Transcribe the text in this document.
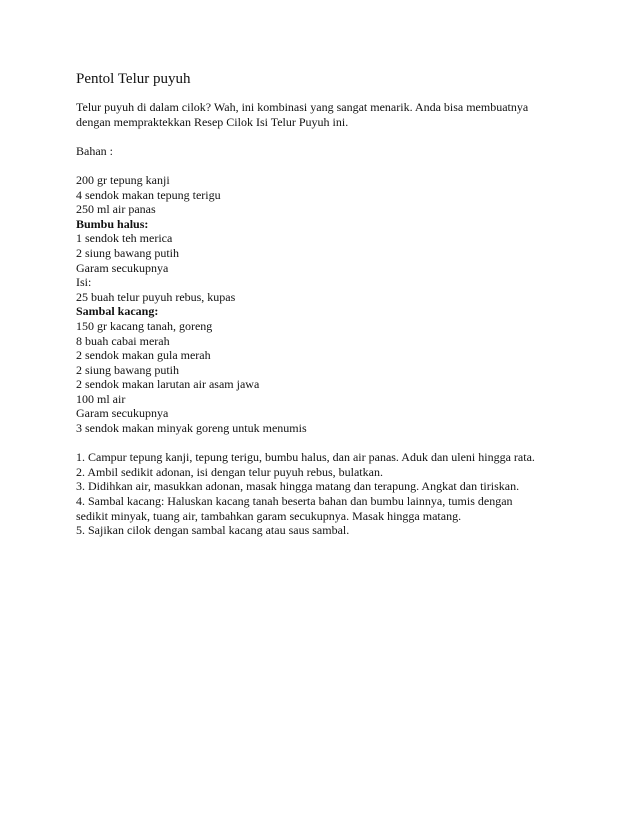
Pentol Telur puyuh
Telur puyuh di dalam cilok? Wah, ini kombinasi yang sangat menarik. Anda bisa membuatnya
dengan mempraktekkan Resep Cilok Isi Telur Puyuh ini.
Bahan :
200 gr tepung kanji
4 sendok makan tepung terigu
250 ml air panas
Bumbu halus:
1 sendok teh merica
2 siung bawang putih
Garam secukupnya
Isi:
25 buah telur puyuh rebus, kupas
Sambal kacang:
150 gr kacang tanah, goreng
8 buah cabai merah
2 sendok makan gula merah
2 siung bawang putih
2 sendok makan larutan air asam jawa
100 ml air
Garam secukupnya
3 sendok makan minyak goreng untuk menumis
1. Campur tepung kanji, tepung terigu, bumbu halus, dan air panas. Aduk dan uleni hingga rata.
2. Ambil sedikit adonan, isi dengan telur puyuh rebus, bulatkan.
3. Didihkan air, masukkan adonan, masak hingga matang dan terapung. Angkat dan tiriskan.
4. Sambal kacang: Haluskan kacang tanah beserta bahan dan bumbu lainnya, tumis dengan
sedikit minyak, tuang air, tambahkan garam secukupnya. Masak hingga matang.
5. Sajikan cilok dengan sambal kacang atau saus sambal.
